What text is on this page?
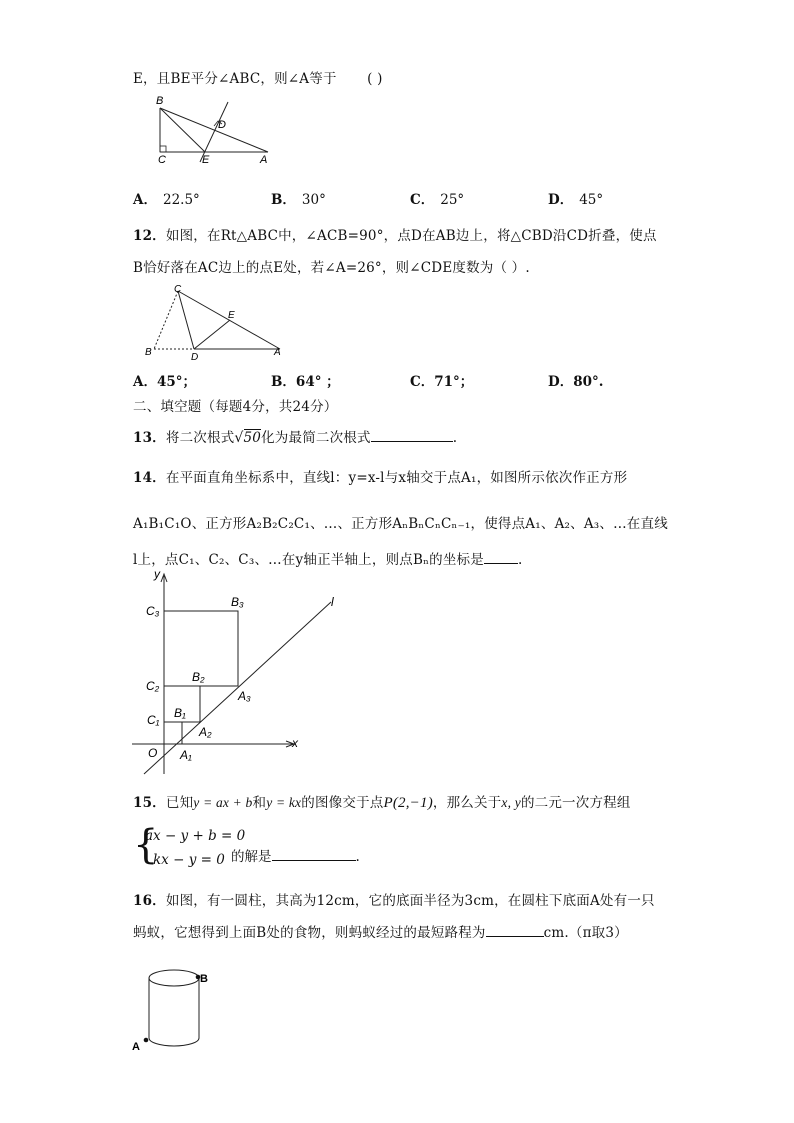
E，且BE平分∠ABC，则∠A等于 ( )
B
D
C	E	A
A． 22.5°	B． 30°	C． 25°	D． 45°
12．如图，在Rt△ABC中，∠ACB=90°，点D在AB边上，将△CBD沿CD折叠，使点
B恰好落在AC边上的点E处，若∠A=26°，则∠CDE度数为（ ）.
C
E
B	D	A
A．45°；	B．64° ；	C．71°；	D．80°.
二、填空题（每题4分，共24分）
13．将二次根式√50化为最简二次根式	.
14．在平面直角坐标系中，直线l：y=x-l与x轴交于点A₁，如图所示依次作正方形
A₁B₁C₁O、正方形A₂B₂C₂C₁、…、正方形AₙBₙCₙCₙ₋₁，使得点A₁、A₂、A₃、…在直线
l上，点C₁、C₂、C₃、…在y轴正半轴上，则点Bₙ的坐标是	.
y
x
l
O
C₃
C₂
C₁
B₃
B₂
B₁
A₃
A₂
A₁
15．已知y = ax + b和y = kx的图像交于点P(2,−1)，那么关于x, y的二元一次方程组
{
ax − y + b = 0
kx − y = 0 的解是	.
16．如图，有一圆柱，其高为12cm，它的底面半径为3cm，在圆柱下底面A处有一只
蚂蚁，它想得到上面B处的食物，则蚂蚁经过的最短路程为	cm.（π取3）
B
A
